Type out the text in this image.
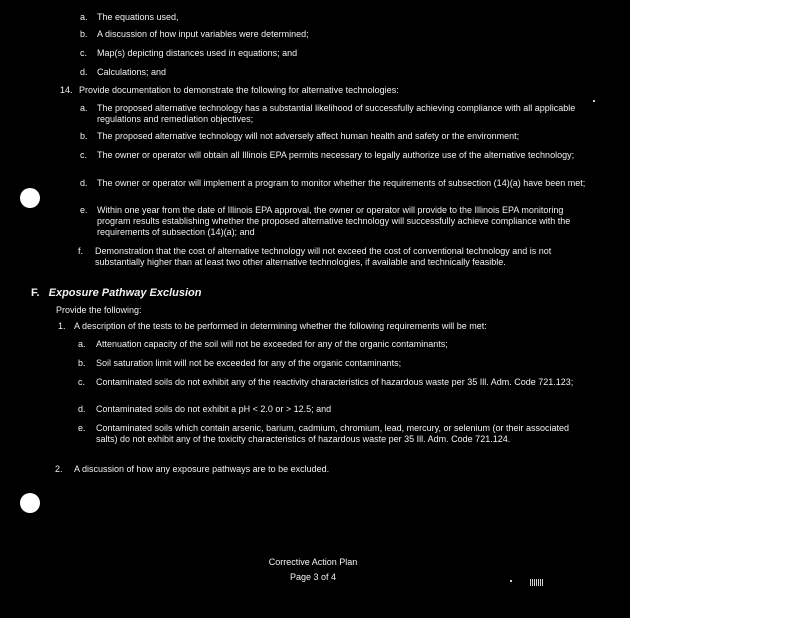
a. The equations used,
b. A discussion of how input variables were determined;
c. Map(s) depicting distances used in equations; and
d. Calculations; and
14. Provide documentation to demonstrate the following for alternative technologies:
a. The proposed alternative technology has a substantial likelihood of successfully achieving compliance with all applicable regulations and remediation objectives;
b. The proposed alternative technology will not adversely affect human health and safety or the environment;
c. The owner or operator will obtain all Illinois EPA permits necessary to legally authorize use of the alternative technology;
d. The owner or operator will implement a program to monitor whether the requirements of subsection (14)(a) have been met;
e. Within one year from the date of Illinois EPA approval, the owner or operator will provide to the Illinois EPA monitoring program results establishing whether the proposed alternative technology will successfully achieve compliance with the requirements of subsection (14)(a); and
f. Demonstration that the cost of alternative technology will not exceed the cost of conventional technology and is not substantially higher than at least two other alternative technologies, if available and technically feasible.
F. Exposure Pathway Exclusion
Provide the following:
1. A description of the tests to be performed in determining whether the following requirements will be met:
a. Attenuation capacity of the soil will not be exceeded for any of the organic contaminants;
b. Soil saturation limit will not be exceeded for any of the organic contaminants;
c. Contaminated soils do not exhibit any of the reactivity characteristics of hazardous waste per 35 Ill. Adm. Code 721.123;
d. Contaminated soils do not exhibit a pH < 2.0 or > 12.5; and
e. Contaminated soils which contain arsenic, barium, cadmium, chromium, lead, mercury, or selenium (or their associated salts) do not exhibit any of the toxicity characteristics of hazardous waste per 35 Ill. Adm. Code 721.124.
2. A discussion of how any exposure pathways are to be excluded.
Corrective Action Plan
Page 3 of 4
